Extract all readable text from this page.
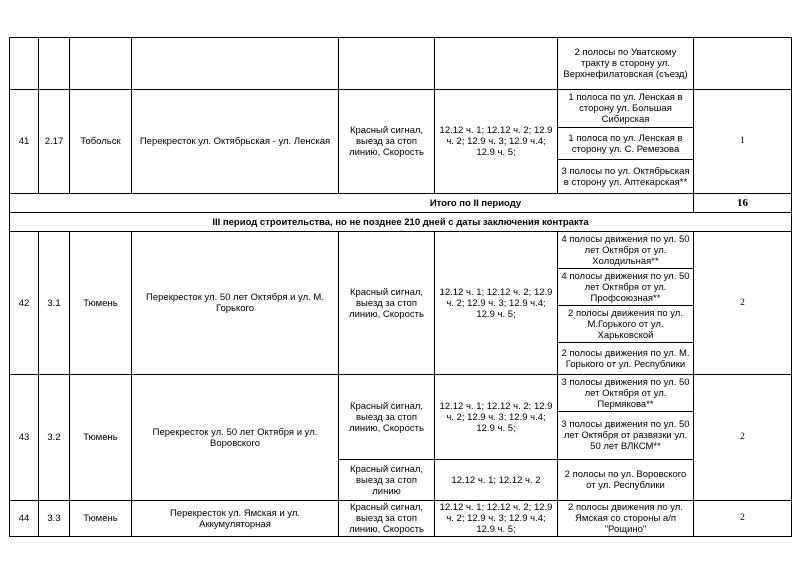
						2 полосы по Уватскому тракту в сторону ул. Верхнефилатовская (съезд)	
41	2.17	Тобольск	Перекресток ул. Октябрьская - ул. Ленская	Красный сигнал, выезд за стоп линию, Скорость	12.12 ч. 1; 12.12 ч. 2; 12.9 ч. 2; 12.9 ч. 3; 12.9 ч.4; 12.9 ч. 5;	1 полоса по ул. Ленская в сторону ул. Большая Сибирская	1
						1 полоса по ул. Ленская в сторону ул. С. Ремезова	
						3 полосы по ул. Октябрьская в сторону ул. Аптекарская**	
Итого по II периоду							16
III период строительства, но не позднее 210 дней с даты заключения контракта							
42	3.1	Тюмень	Перекресток ул. 50 лет Октября и ул. М. Горького	Красный сигнал, выезд за стоп линию, Скорость	12.12 ч. 1; 12.12 ч. 2; 12.9 ч. 2; 12.9 ч. 3; 12.9 ч.4; 12.9 ч. 5;	4 полосы движения по ул. 50 лет Октября от ул. Холодильная**	2
						4 полосы движения по ул. 50 лет Октября от ул. Профсоюзная**	
						2 полосы движения по ул. М.Горького от ул. Харьковской	
						2 полосы движения по ул. М. Горького от ул. Республики	
43	3.2	Тюмень	Перекресток ул. 50 лет Октября и ул. Воровского	Красный сигнал, выезд за стоп линию, Скорость	12.12 ч. 1; 12.12 ч. 2; 12.9 ч. 2; 12.9 ч. 3; 12.9 ч.4; 12.9 ч. 5;	3 полосы движения по ул. 50 лет Октября от ул. Пермякова**	2
						3 полосы движения по ул. 50 лет Октября от развязки ул. 50 лет ВЛКСМ**	
				Красный сигнал, выезд за стоп линию	12.12 ч. 1; 12.12 ч. 2	2 полосы по ул. Воровского от ул. Республики	
44	3.3	Тюмень	Перекресток ул. Ямская и ул. Аккумуляторная	Красный сигнал, выезд за стоп линию, Скорость	12.12 ч. 1; 12.12 ч. 2; 12.9 ч. 2; 12.9 ч. 3; 12.9 ч.4; 12.9 ч. 5;	2 полосы движения по ул. Ямская со стороны а/п "Рощино"	2
